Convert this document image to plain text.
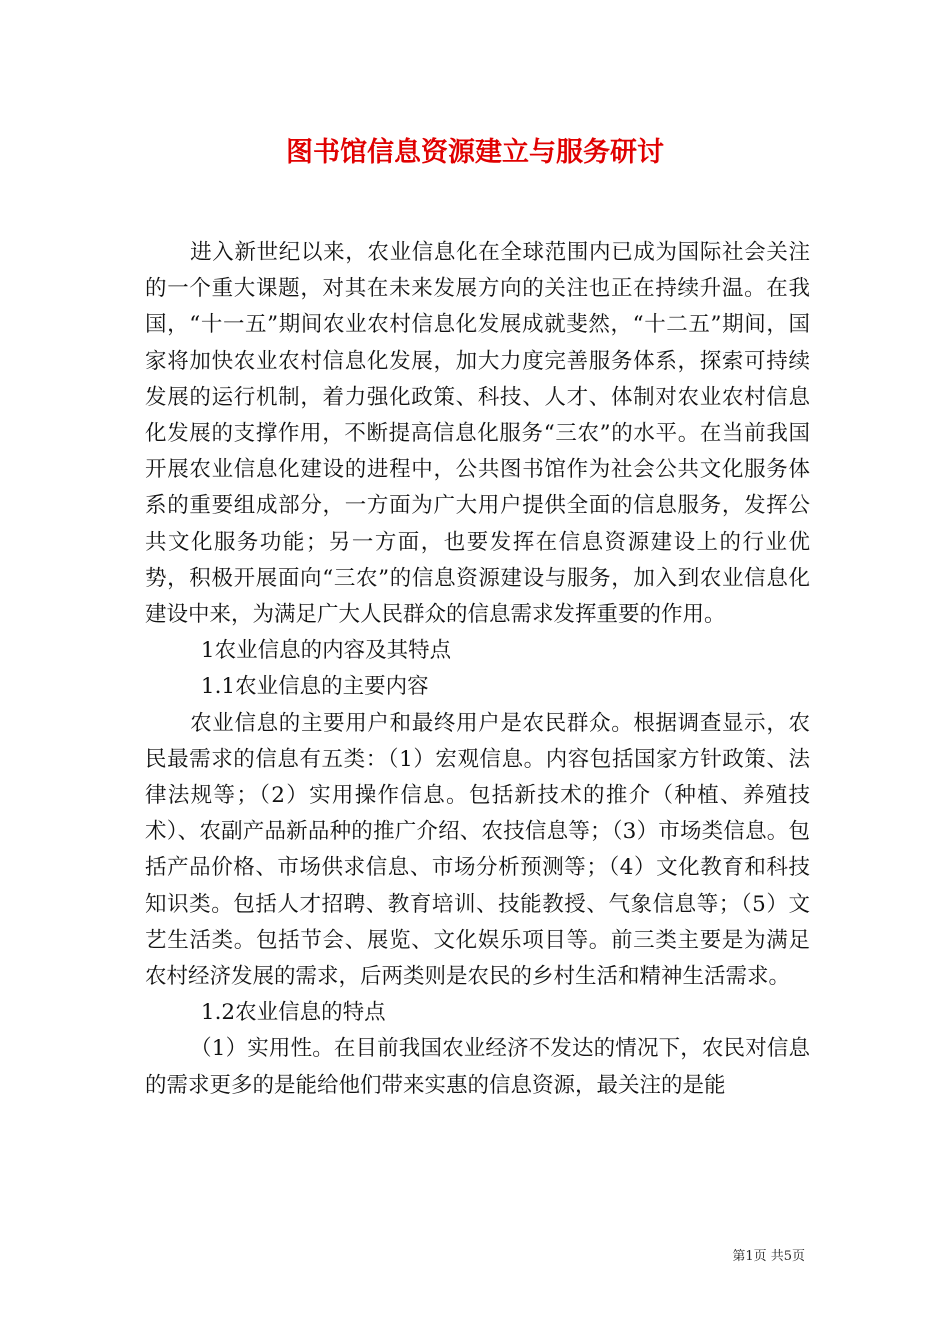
图书馆信息资源建立与服务研讨

进入新世纪以来，农业信息化在全球范围内已成为国际社会关注的一个重大课题，对其在未来发展方向的关注也正在持续升温。在我国，“十一五”期间农业农村信息化发展成就斐然，“十二五”期间，国家将加快农业农村信息化发展，加大力度完善服务体系，探索可持续发展的运行机制，着力强化政策、科技、人才、体制对农业农村信息化发展的支撑作用，不断提高信息化服务“三农”的水平。在当前我国开展农业信息化建设的进程中，公共图书馆作为社会公共文化服务体系的重要组成部分，一方面为广大用户提供全面的信息服务，发挥公共文化服务功能；另一方面，也要发挥在信息资源建设上的行业优势，积极开展面向“三农”的信息资源建设与服务，加入到农业信息化建设中来，为满足广大人民群众的信息需求发挥重要的作用。

1农业信息的内容及其特点

1.1农业信息的主要内容

农业信息的主要用户和最终用户是农民群众。根据调查显示，农民最需求的信息有五类：（1）宏观信息。内容包括国家方针政策、法律法规等；（2）实用操作信息。包括新技术的推介（种植、养殖技术）、农副产品新品种的推广介绍、农技信息等；（3）市场类信息。包括产品价格、市场供求信息、市场分析预测等；（4）文化教育和科技知识类。包括人才招聘、教育培训、技能教授、气象信息等；（5）文艺生活类。包括节会、展览、文化娱乐项目等。前三类主要是为满足农村经济发展的需求，后两类则是农民的乡村生活和精神生活需求。

1.2农业信息的特点

（1）实用性。在目前我国农业经济不发达的情况下，农民对信息的需求更多的是能给他们带来实惠的信息资源，最关注的是能

第1页 共5页
